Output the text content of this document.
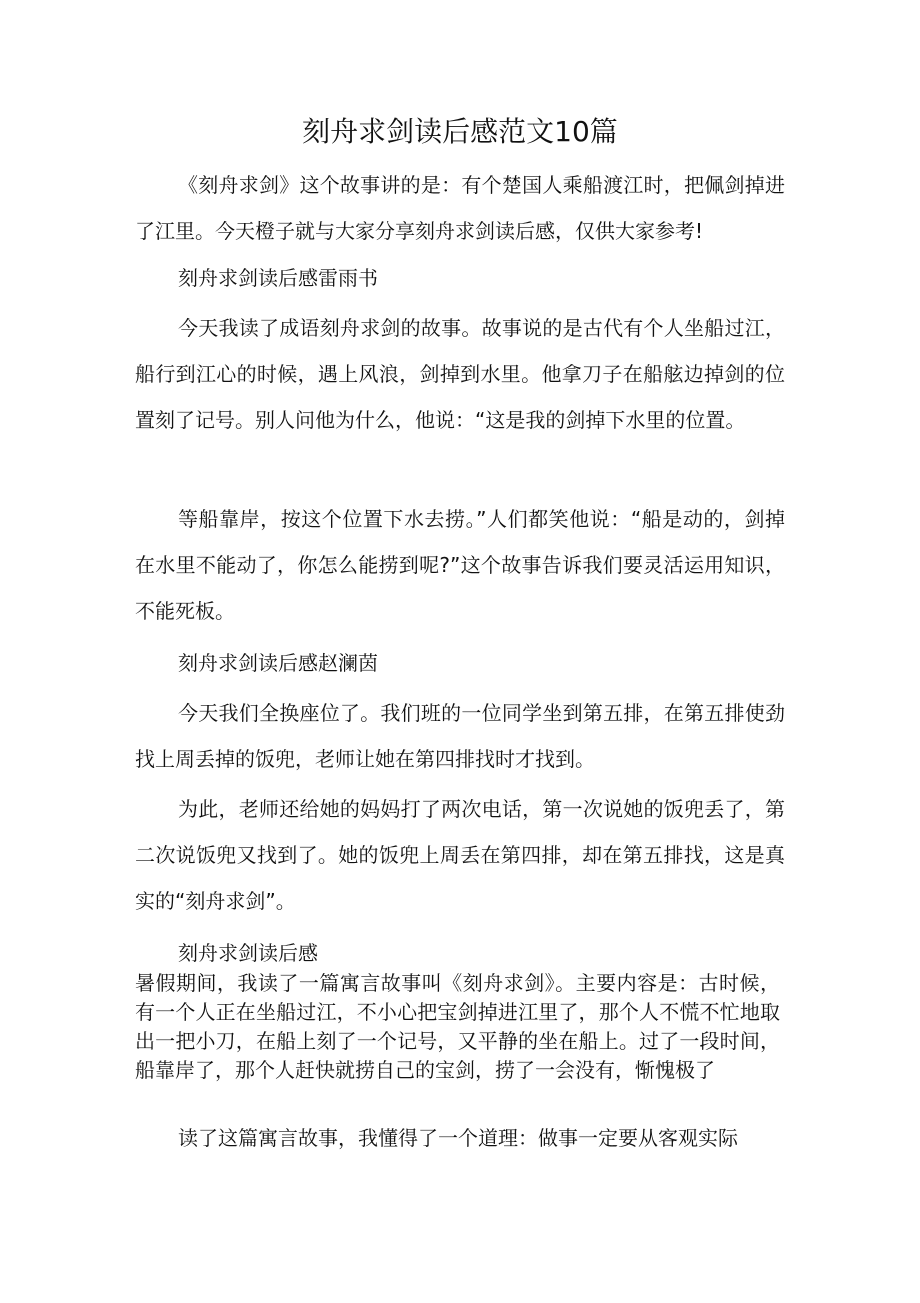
刻舟求剑读后感范文10篇

《刻舟求剑》这个故事讲的是：有个楚国人乘船渡江时，把佩剑掉进了江里。今天橙子就与大家分享刻舟求剑读后感，仅供大家参考!

刻舟求剑读后感雷雨书

今天我读了成语刻舟求剑的故事。故事说的是古代有个人坐船过江，船行到江心的时候，遇上风浪，剑掉到水里。他拿刀子在船舷边掉剑的位置刻了记号。别人问他为什么，他说：“这是我的剑掉下水里的位置。

等船靠岸，按这个位置下水去捞。”人们都笑他说：“船是动的，剑掉在水里不能动了，你怎么能捞到呢?”这个故事告诉我们要灵活运用知识，不能死板。

刻舟求剑读后感赵澜茵

今天我们全换座位了。我们班的一位同学坐到第五排，在第五排使劲找上周丢掉的饭兜，老师让她在第四排找时才找到。

为此，老师还给她的妈妈打了两次电话，第一次说她的饭兜丢了，第二次说饭兜又找到了。她的饭兜上周丢在第四排，却在第五排找，这是真实的“刻舟求剑”。

刻舟求剑读后感

暑假期间，我读了一篇寓言故事叫《刻舟求剑》。主要内容是：古时候，有一个人正在坐船过江，不小心把宝剑掉进江里了，那个人不慌不忙地取出一把小刀，在船上刻了一个记号，又平静的坐在船上。过了一段时间，船靠岸了，那个人赶快就捞自己的宝剑，捞了一会没有，惭愧极了

读了这篇寓言故事，我懂得了一个道理：做事一定要从客观实际
